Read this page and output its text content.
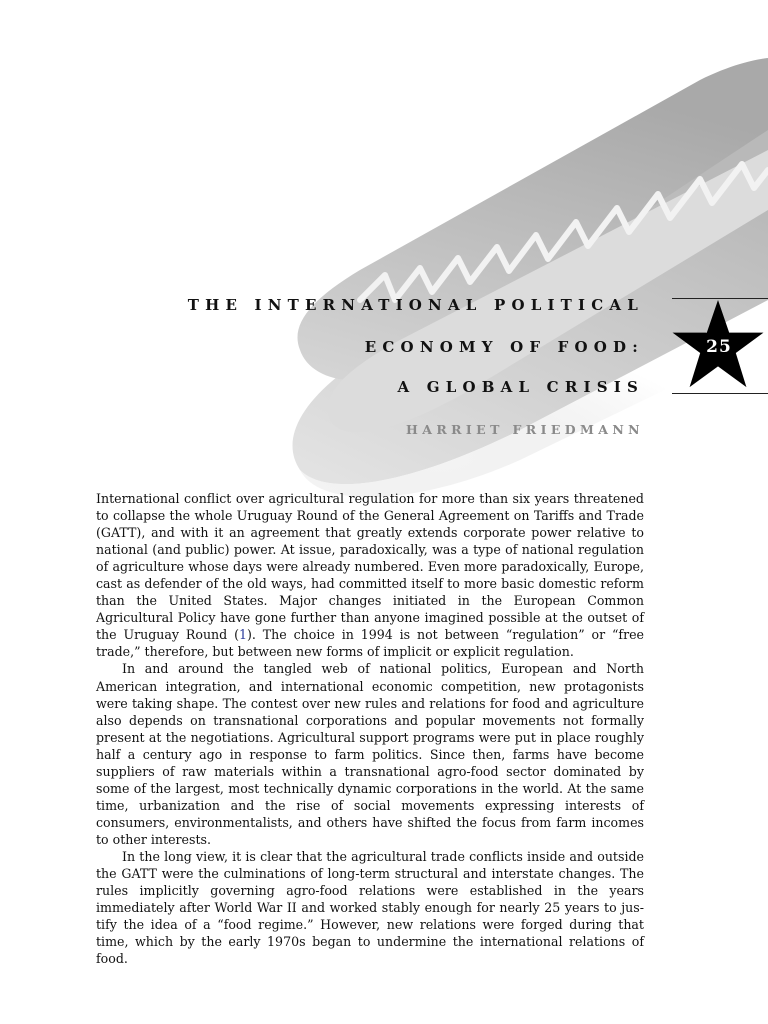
THE INTERNATIONAL POLITICAL
ECONOMY OF FOOD:
A GLOBAL CRISIS
HARRIET FRIEDMANN
25

International conflict over agricultural regulation for more than six years threatened to collapse the whole Uruguay Round of the General Agreement on Tariffs and Trade (GATT), and with it an agreement that greatly extends corporate power relative to national (and public) power. At issue, paradoxically, was a type of national regulation of agriculture whose days were already numbered. Even more paradoxically, Europe, cast as defender of the old ways, had committed itself to more basic domestic reform than the United States. Major changes initiated in the European Common Agricultural Policy have gone further than anyone imagined possible at the outset of the Uruguay Round (1). The choice in 1994 is not between “regulation” or “free trade,” therefore, but between new forms of implicit or explicit regulation.

In and around the tangled web of national politics, European and North American integration, and international economic competition, new protagonists were taking shape. The contest over new rules and relations for food and agriculture also depends on transnational corporations and popular movements not formally present at the negotiations. Agricultural support programs were put in place roughly half a century ago in response to farm politics. Since then, farms have become suppliers of raw materials within a transnational agro-food sector dominated by some of the largest, most technically dynamic corporations in the world. At the same time, urbanization and the rise of social movements expressing interests of consumers, environmentalists, and others have shifted the focus from farm incomes to other interests.

In the long view, it is clear that the agricultural trade conflicts inside and outside the GATT were the culminations of long-term structural and interstate changes. The rules implicitly governing agro-food relations were established in the years immediately after World War II and worked stably enough for nearly 25 years to justify the idea of a “food regime.” However, new relations were forged during that time, which by the early 1970s began to undermine the international relations of food.
